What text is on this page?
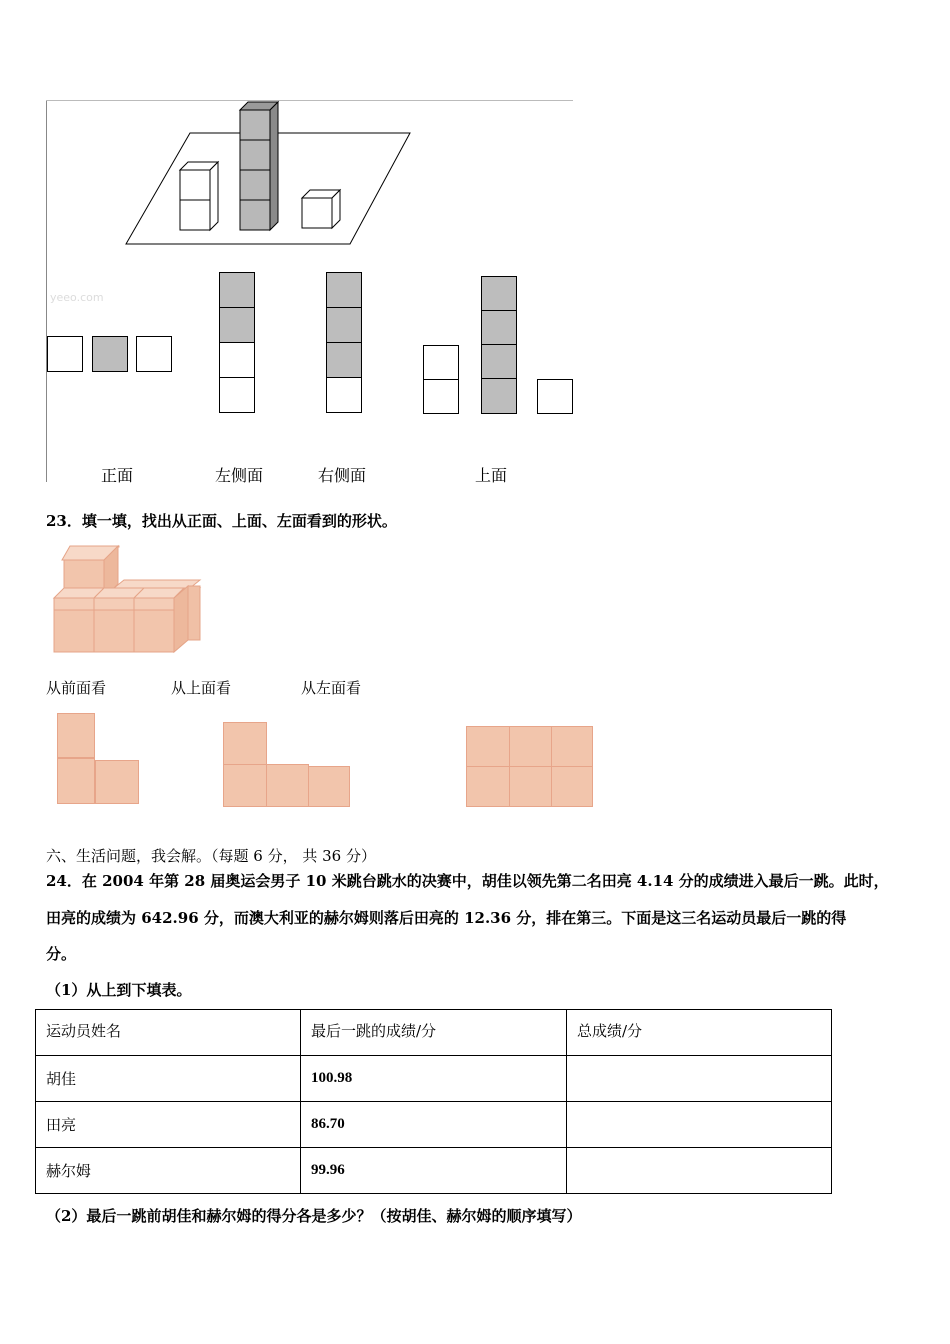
yeeo.com
正面	左侧面	右侧面	上面
23．填一填，找出从正面、上面、左面看到的形状。
从前面看	从上面看	从左面看
六、生活问题，我会解。（每题 6 分， 共 36 分）
24．在 2004 年第 28 届奥运会男子 10 米跳台跳水的决赛中，胡佳以领先第二名田亮 4.14 分的成绩进入最后一跳。此时，
田亮的成绩为 642.96 分，而澳大利亚的赫尔姆则落后田亮的 12.36 分，排在第三。下面是这三名运动员最后一跳的得
分。
（1）从上到下填表。
运动员姓名	最后一跳的成绩/分	总成绩/分
胡佳	100.98	
田亮	86.70	
赫尔姆	99.96	
（2）最后一跳前胡佳和赫尔姆的得分各是多少？（按胡佳、赫尔姆的顺序填写）
